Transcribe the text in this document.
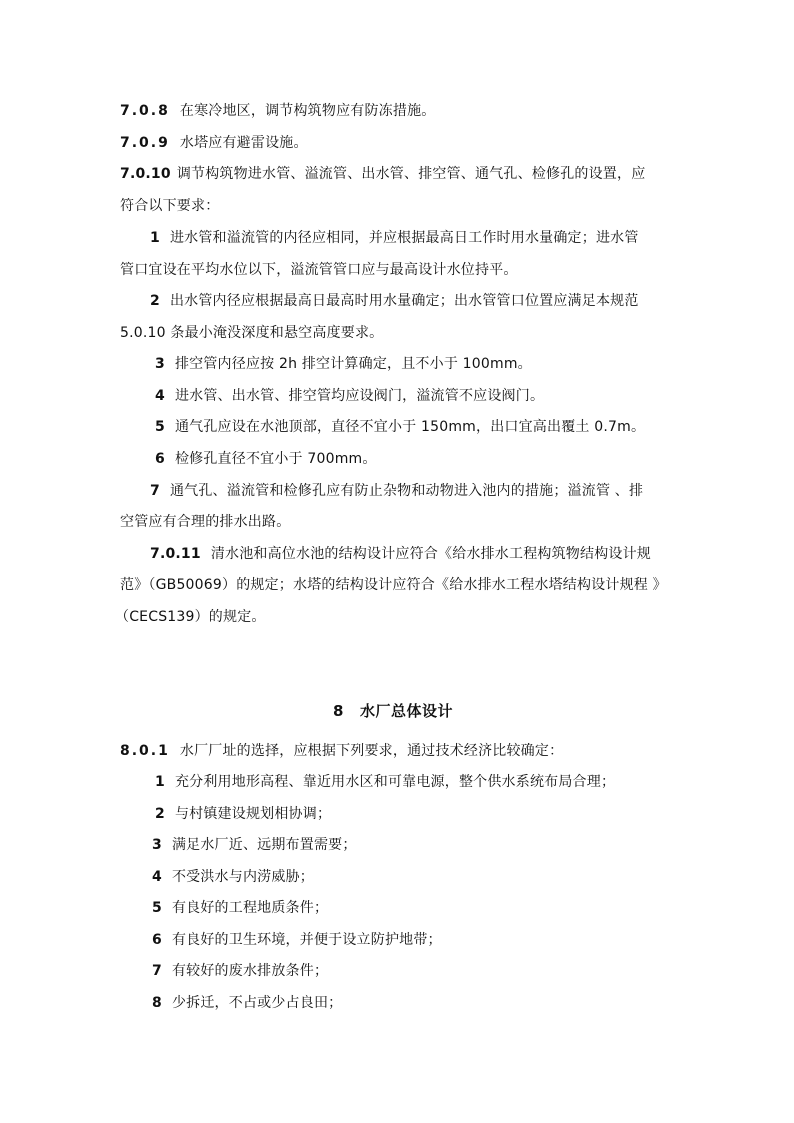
7.0.8 在寒冷地区，调节构筑物应有防冻措施。
7.0.9 水塔应有避雷设施。
7.0.10 调节构筑物进水管、溢流管、出水管、排空管、通气孔、检修孔的设置，应
符合以下要求：
1 进水管和溢流管的内径应相同，并应根据最高日工作时用水量确定；进水管
管口宜设在平均水位以下，溢流管管口应与最高设计水位持平。
2 出水管内径应根据最高日最高时用水量确定；出水管管口位置应满足本规范
5.0.10 条最小淹没深度和悬空高度要求。
3 排空管内径应按 2h 排空计算确定，且不小于 100mm。
4 进水管、出水管、排空管均应设阀门，溢流管不应设阀门。
5 通气孔应设在水池顶部，直径不宜小于 150mm，出口宜高出覆土 0.7m。
6 检修孔直径不宜小于 700mm。
7 通气孔、溢流管和检修孔应有防止杂物和动物进入池内的措施；溢流管 、排
空管应有合理的排水出路。
7.0.11 清水池和高位水池的结构设计应符合《给水排水工程构筑物结构设计规
范》（GB50069）的规定；水塔的结构设计应符合《给水排水工程水塔结构设计规程 》
（CECS139）的规定。
8 水厂总体设计
8.0.1 水厂厂址的选择，应根据下列要求，通过技术经济比较确定：
1 充分利用地形高程、靠近用水区和可靠电源，整个供水系统布局合理；
2 与村镇建设规划相协调；
3 满足水厂近、远期布置需要；
4 不受洪水与内涝威胁；
5 有良好的工程地质条件；
6 有良好的卫生环境，并便于设立防护地带；
7 有较好的废水排放条件；
8 少拆迁，不占或少占良田；
